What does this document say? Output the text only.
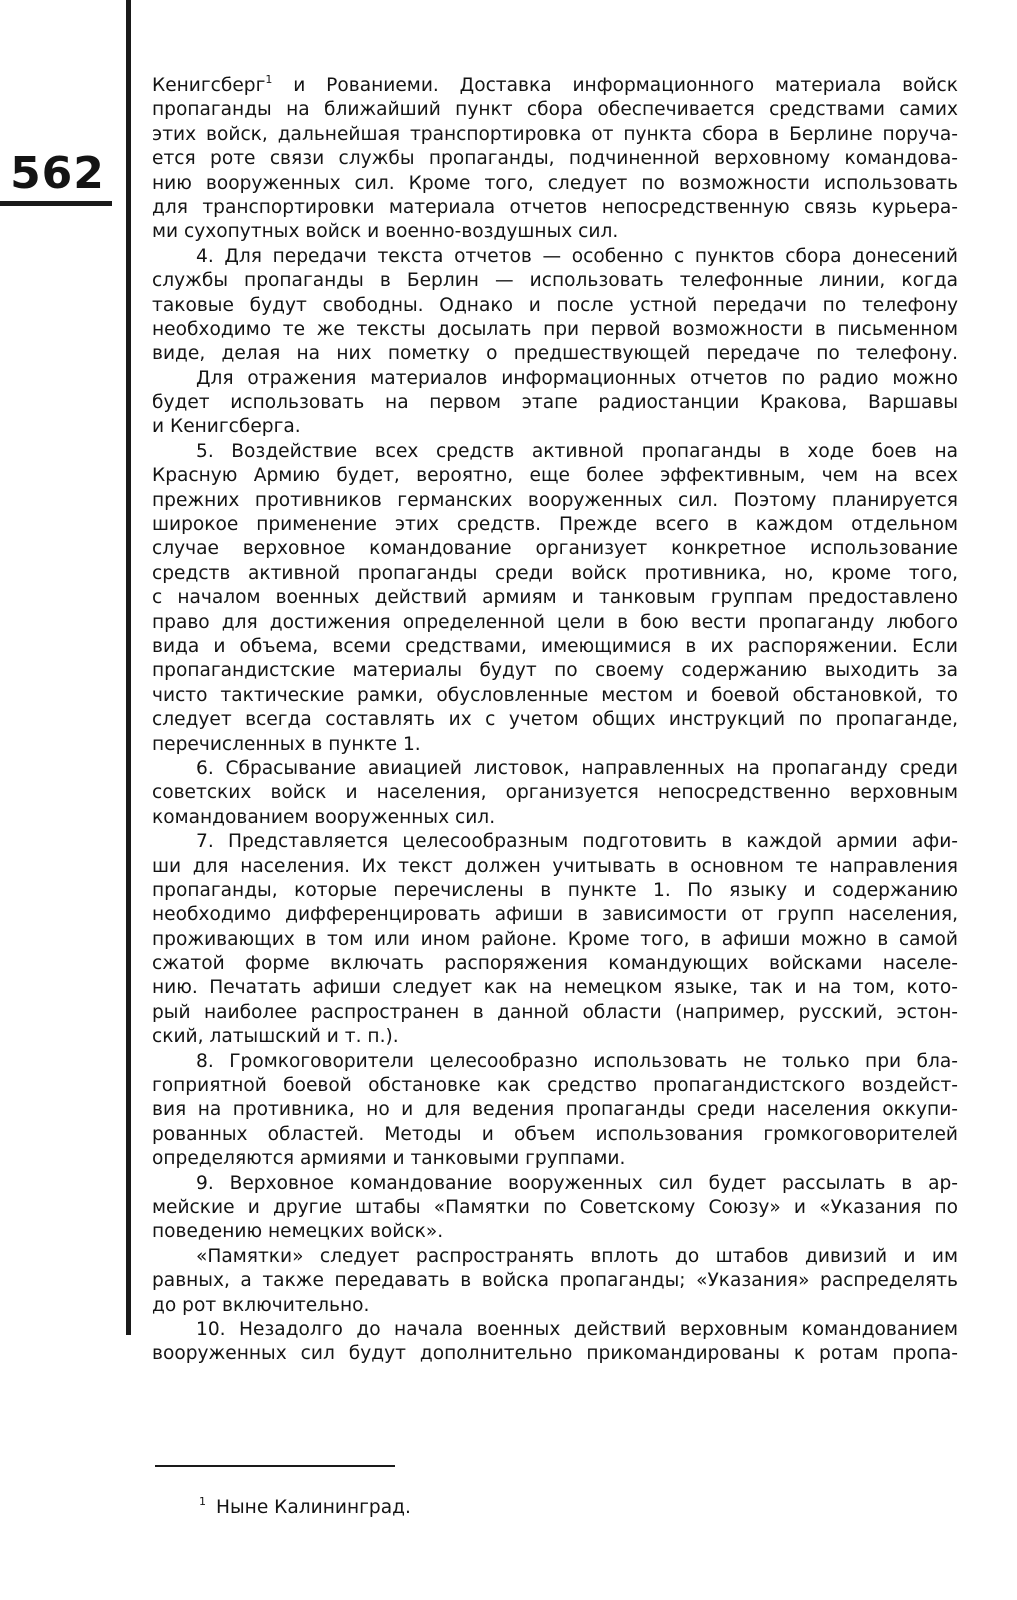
562
Кенигсберг$^1$ и Рованиеми. Доставка информационного материала войск
пропаганды на ближайший пункт сбора обеспечивается средствами самих
этих войск, дальнейшая транспортировка от пункта сбора в Берлине поруча-
ется роте связи службы пропаганды, подчиненной верховному командова-
нию вооруженных сил. Кроме того, следует по возможности использовать
для транспортировки материала отчетов непосредственную связь курьера-
ми сухопутных войск и военно-воздушных сил.
4. Для передачи текста отчетов — особенно с пунктов сбора донесений
службы пропаганды в Берлин — использовать телефонные линии, когда
таковые будут свободны. Однако и после устной передачи по телефону
необходимо те же тексты досылать при первой возможности в письменном
виде, делая на них пометку о предшествующей передаче по телефону.
Для отражения материалов информационных отчетов по радио можно
будет использовать на первом этапе радиостанции Кракова, Варшавы
и Кенигсберга.
5. Воздействие всех средств активной пропаганды в ходе боев на
Красную Армию будет, вероятно, еще более эффективным, чем на всех
прежних противников германских вооруженных сил. Поэтому планируется
широкое применение этих средств. Прежде всего в каждом отдельном
случае верховное командование организует конкретное использование
средств активной пропаганды среди войск противника, но, кроме того,
с началом военных действий армиям и танковым группам предоставлено
право для достижения определенной цели в бою вести пропаганду любого
вида и объема, всеми средствами, имеющимися в их распоряжении. Если
пропагандистские материалы будут по своему содержанию выходить за
чисто тактические рамки, обусловленные местом и боевой обстановкой, то
следует всегда составлять их с учетом общих инструкций по пропаганде,
перечисленных в пункте 1.
6. Сбрасывание авиацией листовок, направленных на пропаганду среди
советских войск и населения, организуется непосредственно верховным
командованием вооруженных сил.
7. Представляется целесообразным подготовить в каждой армии афи-
ши для населения. Их текст должен учитывать в основном те направления
пропаганды, которые перечислены в пункте 1. По языку и содержанию
необходимо дифференцировать афиши в зависимости от групп населения,
проживающих в том или ином районе. Кроме того, в афиши можно в самой
сжатой форме включать распоряжения командующих войсками населе-
нию. Печатать афиши следует как на немецком языке, так и на том, кото-
рый наиболее распространен в данной области (например, русский, эстон-
ский, латышский и т. п.).
8. Громкоговорители целесообразно использовать не только при бла-
гоприятной боевой обстановке как средство пропагандистского воздейст-
вия на противника, но и для ведения пропаганды среди населения оккупи-
рованных областей. Методы и объем использования громкоговорителей
определяются армиями и танковыми группами.
9. Верховное командование вооруженных сил будет рассылать в ар-
мейские и другие штабы «Памятки по Советскому Союзу» и «Указания по
поведению немецких войск».
«Памятки» следует распространять вплоть до штабов дивизий и им
равных, а также передавать в войска пропаганды; «Указания» распределять
до рот включительно.
10. Незадолго до начала военных действий верховным командованием
вооруженных сил будут дополнительно прикомандированы к ротам пропа-
$^1$ Ныне Калининград.
